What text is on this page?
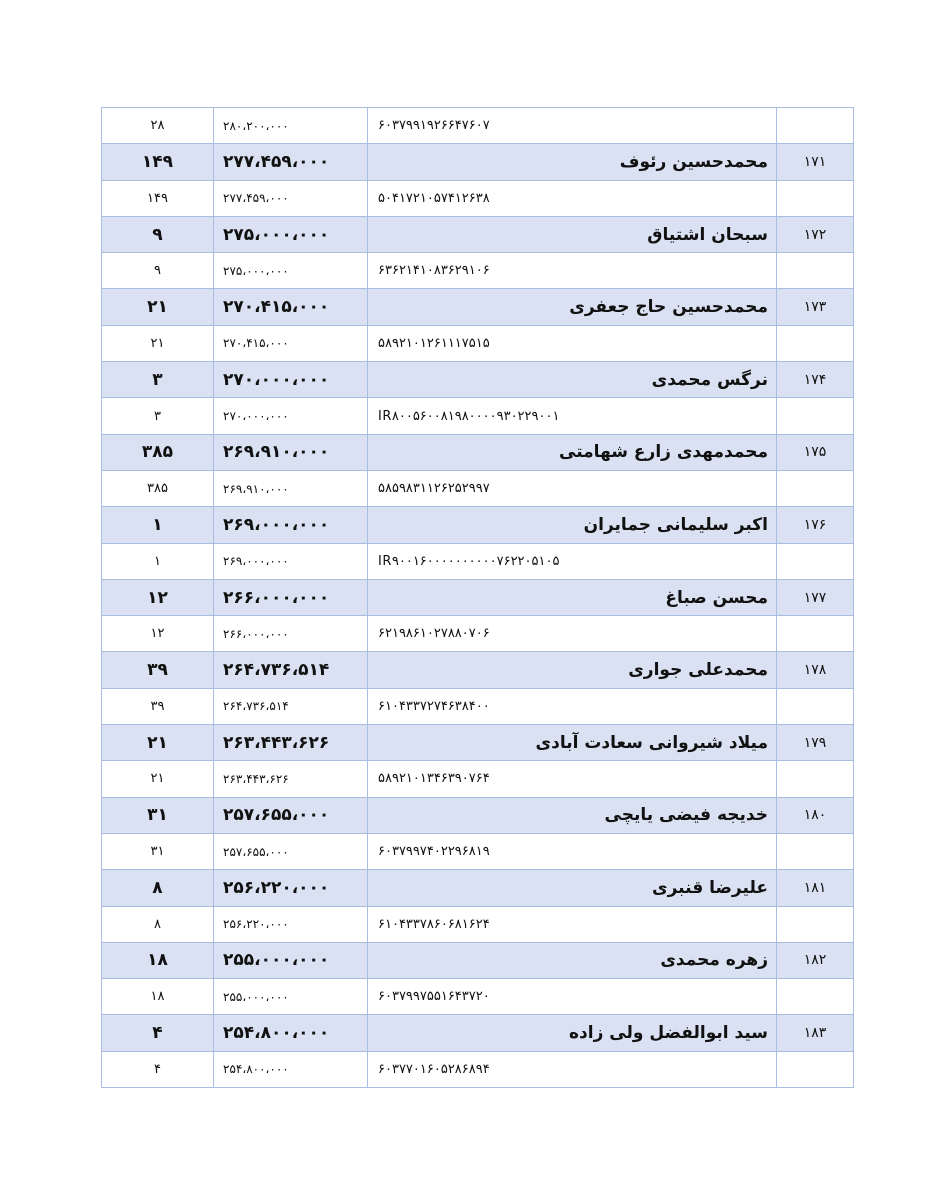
۲۸	۲۸۰،۲۰۰،۰۰۰	۶۰۳۷۹۹۱۹۲۶۶۴۷۶۰۷	
۱۴۹	۲۷۷،۴۵۹،۰۰۰	محمدحسین رئوف	۱۷۱
۱۴۹	۲۷۷،۴۵۹،۰۰۰	۵۰۴۱۷۲۱۰۵۷۴۱۲۶۳۸	
۹	۲۷۵،۰۰۰،۰۰۰	سبحان اشتیاق	۱۷۲
۹	۲۷۵،۰۰۰،۰۰۰	۶۳۶۲۱۴۱۰۸۳۶۲۹۱۰۶	
۲۱	۲۷۰،۴۱۵،۰۰۰	محمدحسین حاج جعفری	۱۷۳
۲۱	۲۷۰،۴۱۵،۰۰۰	۵۸۹۲۱۰۱۲۶۱۱۱۷۵۱۵	
۳	۲۷۰،۰۰۰،۰۰۰	نرگس محمدی	۱۷۴
۳	۲۷۰،۰۰۰،۰۰۰	IR۸۰۰۵۶۰۰۸۱۹۸۰۰۰۰۹۳۰۲۲۹۰۰۱	
۳۸۵	۲۶۹،۹۱۰،۰۰۰	محمدمهدی زارع شهامتی	۱۷۵
۳۸۵	۲۶۹،۹۱۰،۰۰۰	۵۸۵۹۸۳۱۱۲۶۲۵۲۹۹۷	
۱	۲۶۹،۰۰۰،۰۰۰	اکبر سلیمانی جمایران	۱۷۶
۱	۲۶۹،۰۰۰،۰۰۰	IR۹۰۰۱۶۰۰۰۰۰۰۰۰۰۰۷۶۲۲۰۵۱۰۵	
۱۲	۲۶۶،۰۰۰،۰۰۰	محسن صباغ	۱۷۷
۱۲	۲۶۶،۰۰۰،۰۰۰	۶۲۱۹۸۶۱۰۲۷۸۸۰۷۰۶	
۳۹	۲۶۴،۷۳۶،۵۱۴	محمدعلی جواری	۱۷۸
۳۹	۲۶۴،۷۳۶،۵۱۴	۶۱۰۴۳۳۷۲۷۴۶۳۸۴۰۰	
۲۱	۲۶۳،۴۴۳،۶۲۶	میلاد شیروانی سعادت آبادی	۱۷۹
۲۱	۲۶۳،۴۴۳،۶۲۶	۵۸۹۲۱۰۱۳۴۶۳۹۰۷۶۴	
۳۱	۲۵۷،۶۵۵،۰۰۰	خدیجه فیضی یایچی	۱۸۰
۳۱	۲۵۷،۶۵۵،۰۰۰	۶۰۳۷۹۹۷۴۰۲۲۹۶۸۱۹	
۸	۲۵۶،۲۲۰،۰۰۰	علیرضا قنبری	۱۸۱
۸	۲۵۶،۲۲۰،۰۰۰	۶۱۰۴۳۳۷۸۶۰۶۸۱۶۲۴	
۱۸	۲۵۵،۰۰۰،۰۰۰	زهره محمدی	۱۸۲
۱۸	۲۵۵،۰۰۰،۰۰۰	۶۰۳۷۹۹۷۵۵۱۶۴۳۷۲۰	
۴	۲۵۴،۸۰۰،۰۰۰	سید ابوالفضل ولی زاده	۱۸۳
۴	۲۵۴،۸۰۰،۰۰۰	۶۰۳۷۷۰۱۶۰۵۲۸۶۸۹۴	
